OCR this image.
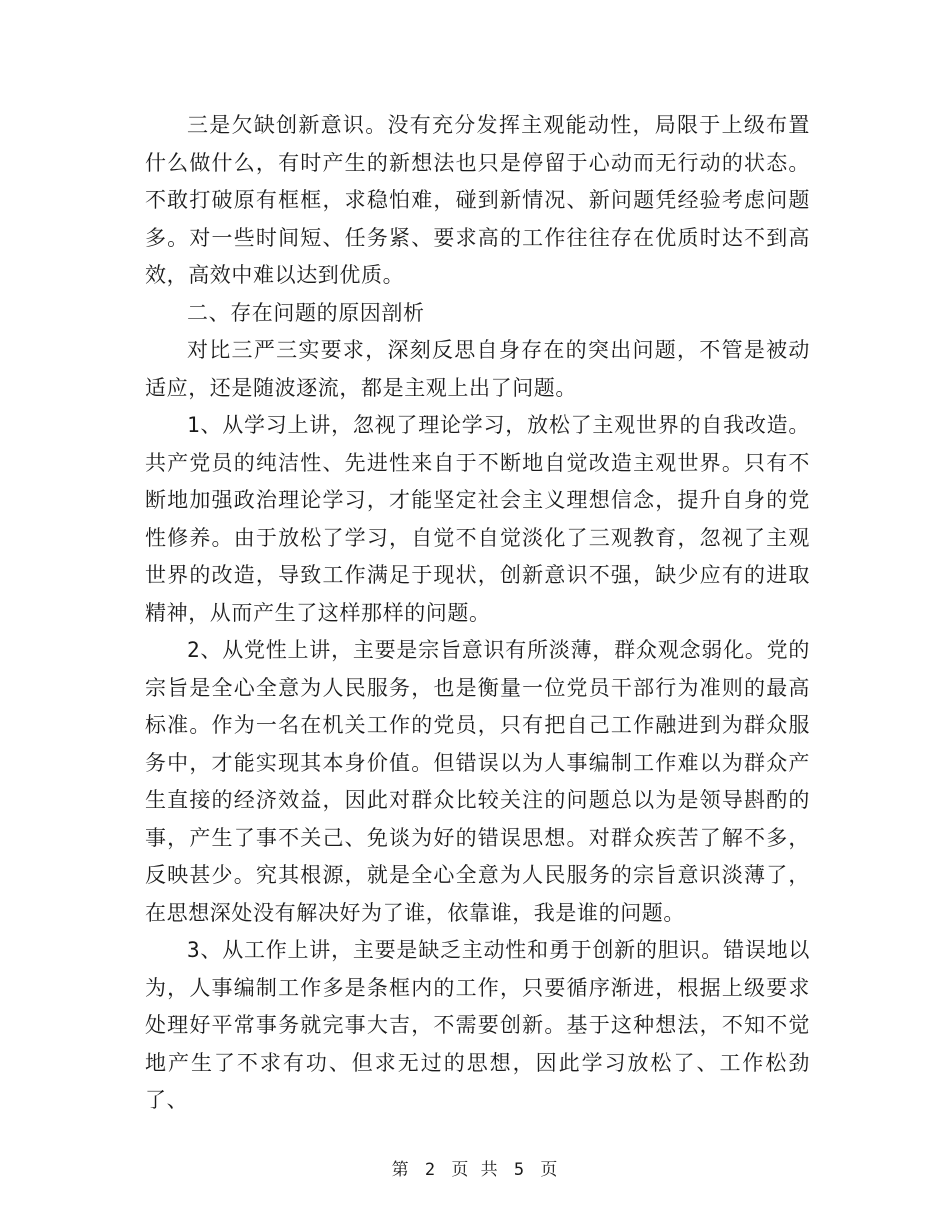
三是欠缺创新意识。没有充分发挥主观能动性，局限于上级布置什么做什么，有时产生的新想法也只是停留于心动而无行动的状态。不敢打破原有框框，求稳怕难，碰到新情况、新问题凭经验考虑问题多。对一些时间短、任务紧、要求高的工作往往存在优质时达不到高效，高效中难以达到优质。

二、存在问题的原因剖析

对比三严三实要求，深刻反思自身存在的突出问题，不管是被动适应，还是随波逐流，都是主观上出了问题。

1、从学习上讲，忽视了理论学习，放松了主观世界的自我改造。共产党员的纯洁性、先进性来自于不断地自觉改造主观世界。只有不断地加强政治理论学习，才能坚定社会主义理想信念，提升自身的党性修养。由于放松了学习，自觉不自觉淡化了三观教育，忽视了主观世界的改造，导致工作满足于现状，创新意识不强，缺少应有的进取精神，从而产生了这样那样的问题。

2、从党性上讲，主要是宗旨意识有所淡薄，群众观念弱化。党的宗旨是全心全意为人民服务，也是衡量一位党员干部行为准则的最高标准。作为一名在机关工作的党员，只有把自己工作融进到为群众服务中，才能实现其本身价值。但错误以为人事编制工作难以为群众产生直接的经济效益，因此对群众比较关注的问题总以为是领导斟酌的事，产生了事不关己、免谈为好的错误思想。对群众疾苦了解不多，反映甚少。究其根源，就是全心全意为人民服务的宗旨意识淡薄了，在思想深处没有解决好为了谁，依靠谁，我是谁的问题。

3、从工作上讲，主要是缺乏主动性和勇于创新的胆识。错误地以为，人事编制工作多是条框内的工作，只要循序渐进，根据上级要求处理好平常事务就完事大吉，不需要创新。基于这种想法，不知不觉地产生了不求有功、但求无过的思想，因此学习放松了、工作松劲了、

第 2 页 共 5 页
